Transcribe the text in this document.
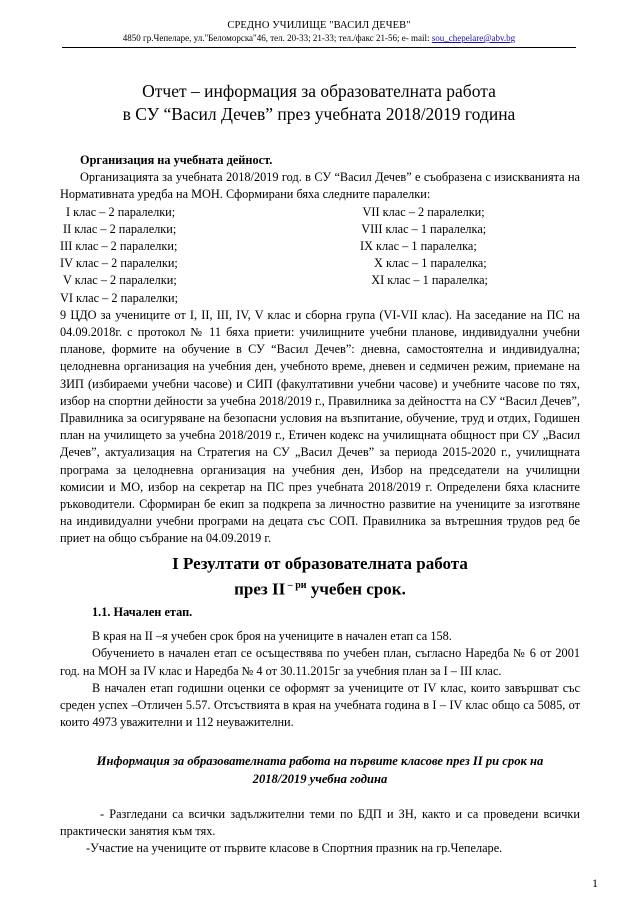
СРЕДНО УЧИЛИЩЕ "ВАСИЛ ДЕЧЕВ"
4850 гр.Чепеларе, ул."Беломорска"46, тел. 20-33; 21-33; тел./факс 21-56; е- mail: sou_chepelare@abv.bg
Отчет – информация за образователната работа
в СУ “Васил Дечев” през учебната 2018/2019 година

Организация на учебната дейност.

Организацията за учебната 2018/2019 год. в СУ “Васил Дечев” е съобразена с изискванията на Нормативната уредба на МОН. Сформирани бяха следните паралелки:

I клас – 2 паралелки;	VII клас – 2 паралелки;
II клас – 2 паралелки;	VIII клас – 1 паралелка;
III клас – 2 паралелки;	IX клас – 1 паралелка;
IV клас – 2 паралелки;	X клас – 1 паралелка;
V клас – 2 паралелки;	XI клас – 1 паралелка;
VI клас – 2 паралелки;

9 ЦДО за учениците от I, II, III, IV, V клас и сборна група (VI-VII клас). На заседание на ПС на 04.09.2018г. с протокол № 11 бяха приети: училищните учебни планове, индивидуални учебни планове, формите на обучение в СУ “Васил Дечев”: дневна, самостоятелна и индивидуална; целодневна организация на учебния ден, учебното време, дневен и седмичен режим, приемане на ЗИП (избираеми учебни часове) и СИП (факултативни учебни часове) и учебните часове по тях, избор на спортни дейности за учебна 2018/2019 г., Правилника за дейността на СУ “Васил Дечев”, Правилника за осигуряване на безопасни условия на възпитание, обучение, труд и отдих, Годишен план на училището за учебна 2018/2019 г., Етичен кодекс на училищната общност при СУ „Васил Дечев”, актуализация на Стратегия на СУ „Васил Дечев” за периода 2015-2020 г., училищната програма за целодневна организация на учебния ден, Избор на председатели на училищни комисии и МО, избор на секретар на ПС през учебната 2018/2019 г. Определени бяха класните ръководители. Сформиран бе екип за подкрепа за личностно развитие на учениците за изготвяне на индивидуални учебни програми на децата със СОП. Правилника за вътрешния трудов ред бе приет на общо събрание на 04.09.2019 г.

I Резултати от образователната работа
през II $^{- ри}$ учебен срок.

1.1. Начален етап.

В края на II –я учебен срок броя на учениците в начален етап са 158.

Обучението в начален етап се осъществява по учебен план, съгласно Наредба № 6 от 2001 год. на МОН за IV клас и Наредба № 4 от 30.11.2015г за учебния план за I – III клас.

В начален етап годишни оценки се оформят за учениците от IV клас, които завършват със среден успех –Отличен 5.57. Отсъствията в края на учебната година в I – IV клас общо са 5085, от които 4973 уважителни и 112 неуважителни.

Информация за образователната работа на първите класове през II ри срок на
2018/2019 учебна година

- Разгледани са всички задължителни теми по БДП и ЗН, както и са проведени всички практически занятия към тях.

-Участие на учениците от първите класове в Спортния празник на гр.Чепеларе.

1
